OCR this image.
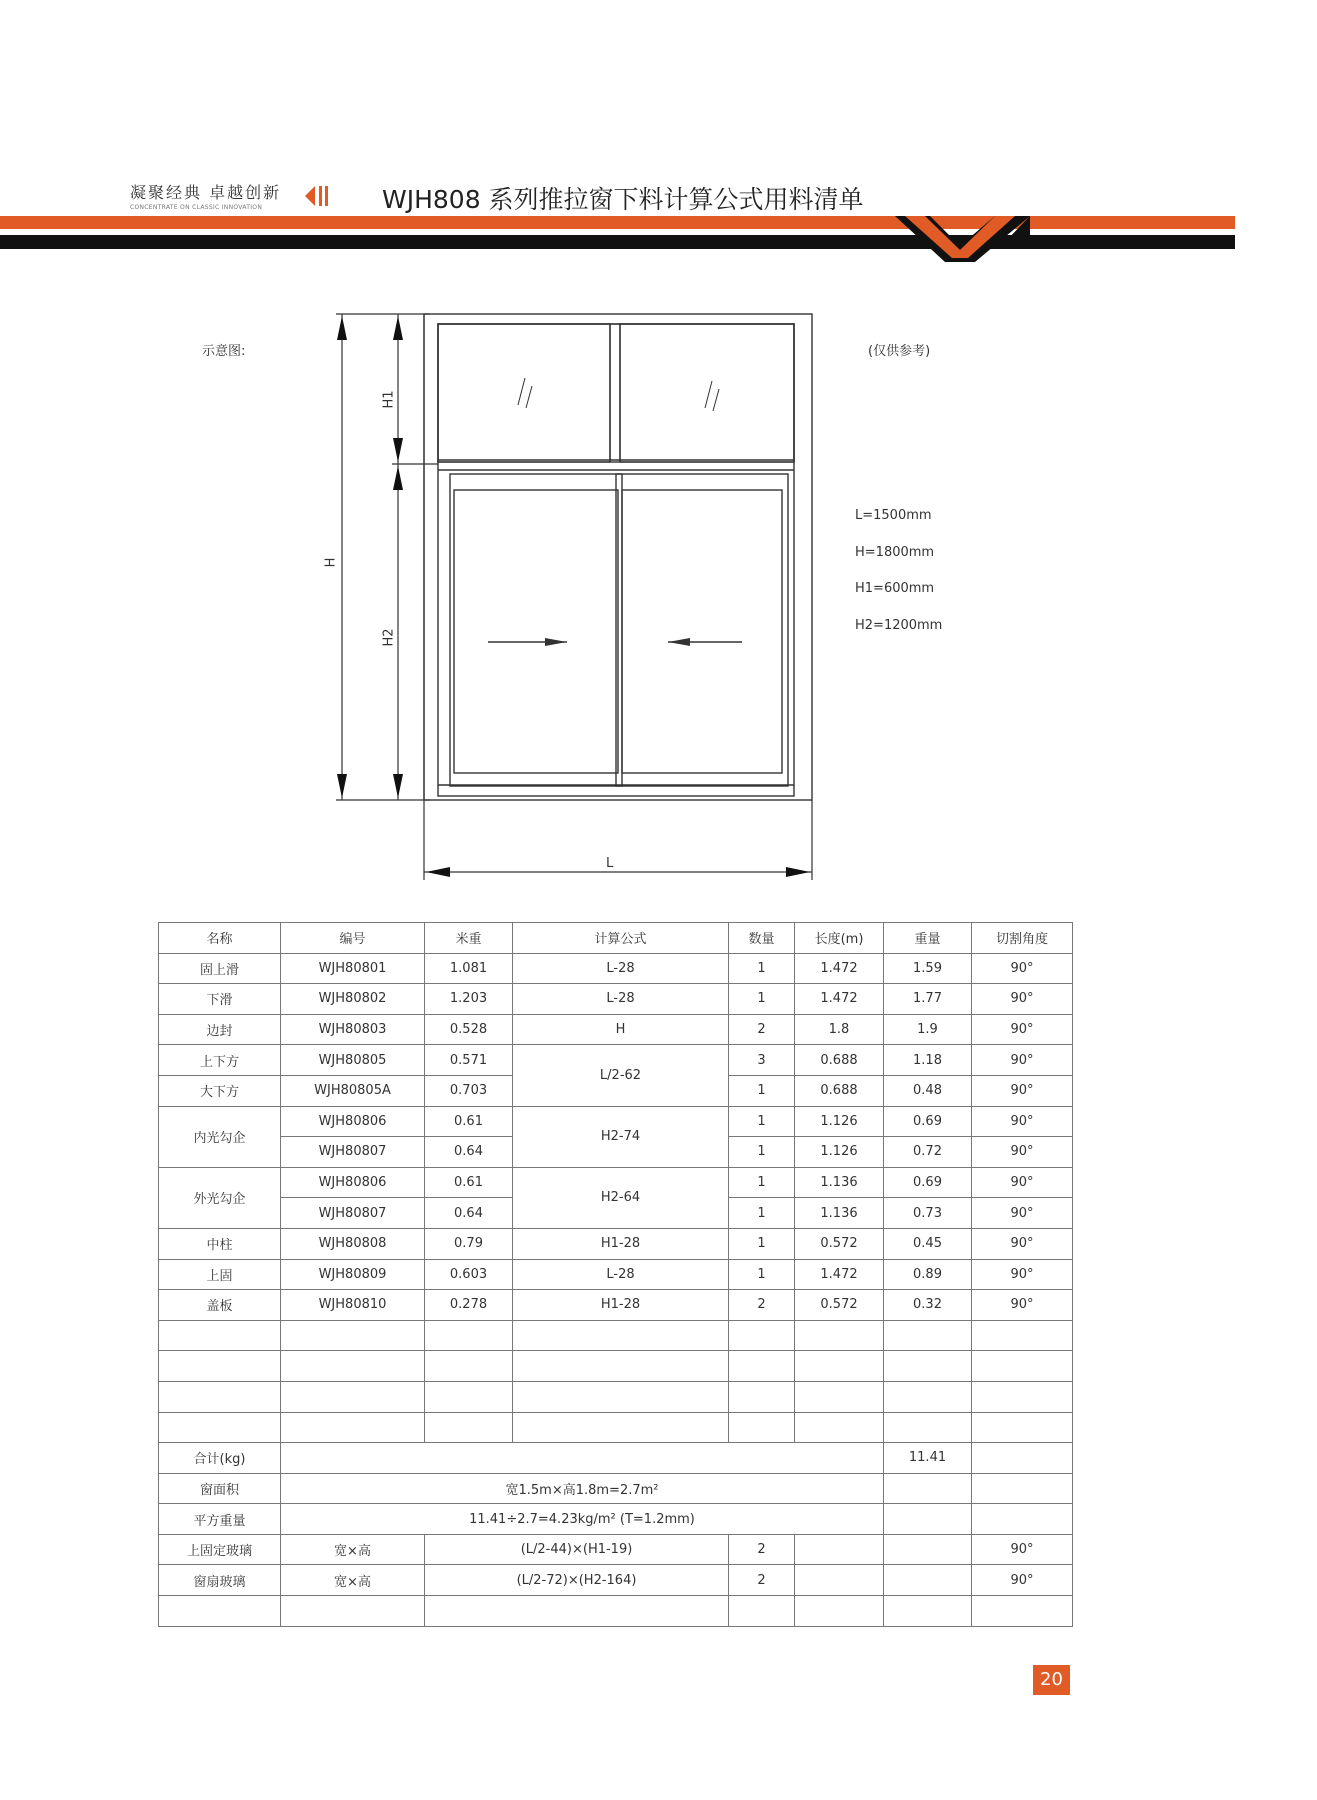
凝聚经典 卓越创新
CONCENTRATE ON CLASSIC INNOVATION	WJH808 系列推拉窗下料计算公式用料清单
示意图:	(仅供参考)
H
H1
H2
L
L=1500mm
H=1800mm
H1=600mm
H2=1200mm
名称	编号	米重	计算公式	数量	长度(m)	重量	切割角度
固上滑	WJH80801	1.081	L-28	1	1.472	1.59	90°
下滑	WJH80802	1.203	L-28	1	1.472	1.77	90°
边封	WJH80803	0.528	H	2	1.8	1.9	90°
上下方	WJH80805	0.571	L/2-62	3	0.688	1.18	90°
大下方	WJH80805A	0.703		1	0.688	0.48	90°
内光勾企	WJH80806	0.61	H2-74	1	1.126	0.69	90°
	WJH80807	0.64		1	1.126	0.72	90°
外光勾企	WJH80806	0.61	H2-64	1	1.136	0.69	90°
	WJH80807	0.64		1	1.136	0.73	90°
中柱	WJH80808	0.79	H1-28	1	0.572	0.45	90°
上固	WJH80809	0.603	L-28	1	1.472	0.89	90°
盖板	WJH80810	0.278	H1-28	2	0.572	0.32	90°

合计(kg)						11.41	
窗面积	宽1.5m×高1.8m=2.7m²						
平方重量	11.41÷2.7=4.23kg/m² (T=1.2mm)						
上固定玻璃	宽×高	(L/2-44)×(H1-19)		2			90°
窗扇玻璃	宽×高	(L/2-72)×(H2-164)		2			90°

20
